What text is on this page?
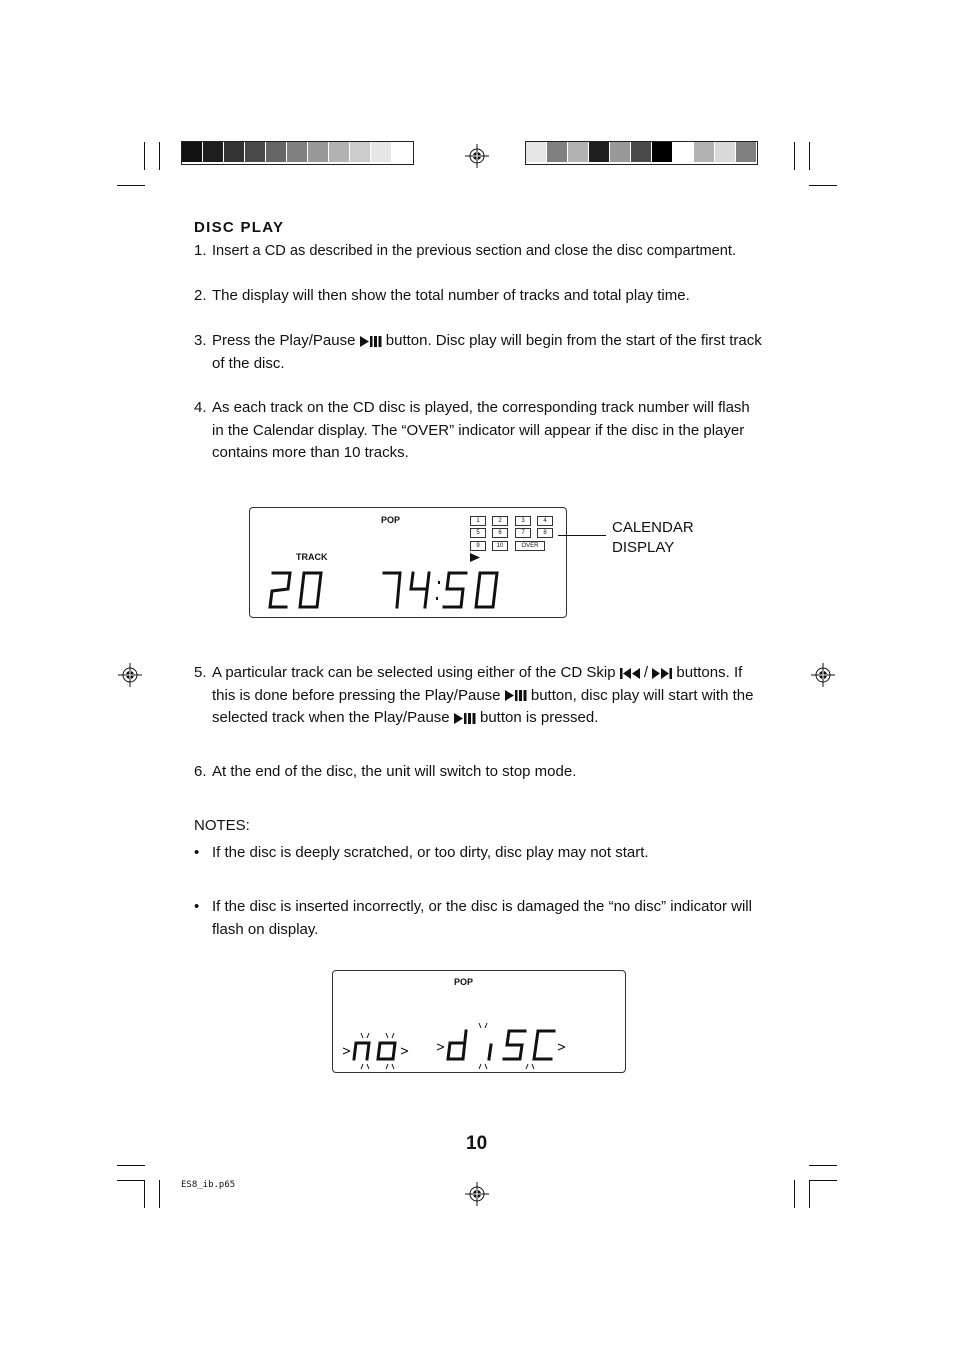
DISC PLAY
1. Insert a CD as described in the previous section and close the disc compartment.
2. The display will then show the total number of tracks and total play time.
3. Press the Play/Pause button. Disc play will begin from the start of the first track of the disc.
4. As each track on the CD disc is played, the corresponding track number will flash in the Calendar display. The “OVER” indicator will appear if the disc in the player contains more than 10 tracks.
POP
TRACK
1	2	3	4
5	6	7	8
9	10	OVER
CALENDAR
DISPLAY
5. A particular track can be selected using either of the CD Skip / buttons. If this is done before pressing the Play/Pause button, disc play will start with the selected track when the Play/Pause button is pressed.
6. At the end of the disc, the unit will switch to stop mode.
NOTES:
• If the disc is deeply scratched, or too dirty, disc play may not start.
• If the disc is inserted incorrectly, or the disc is damaged the “no disc” indicator will flash on display.
POP
10
ES8_ib.p65
